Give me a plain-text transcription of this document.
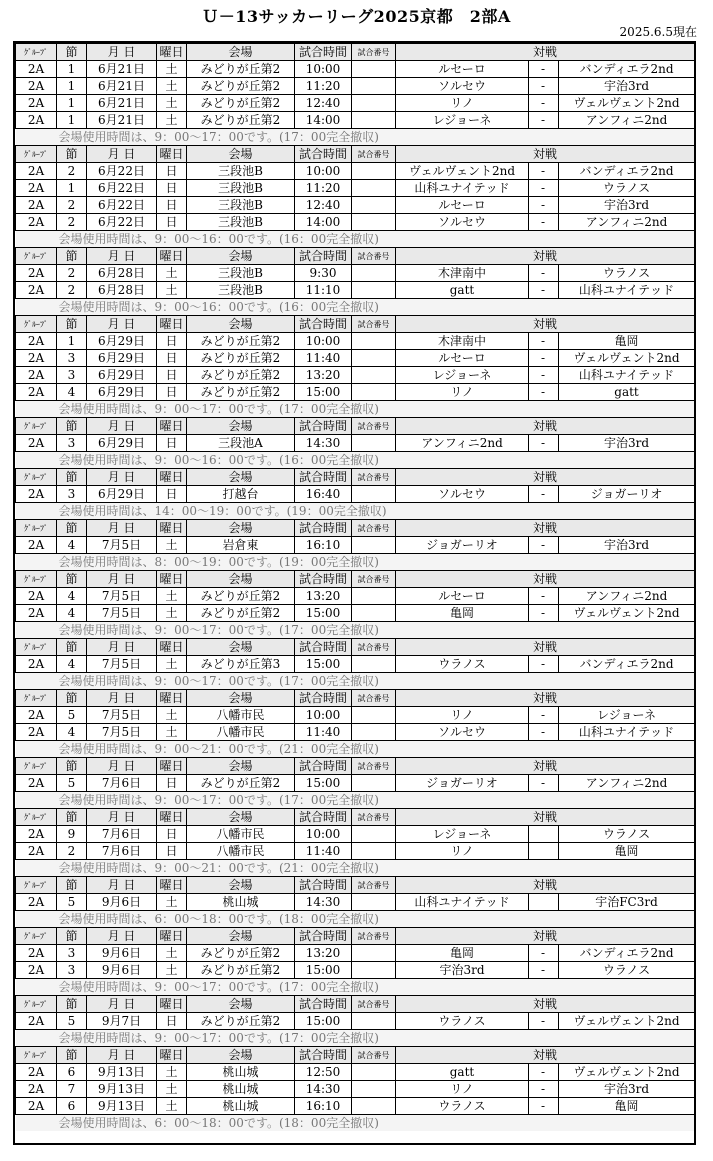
Ｕ－13サッカーリーグ2025京都　2部A
2025.6.5現在
ｸﾞﾙｰﾌﾟ	節	月 日	曜日	会場	試合時間	試合番号	対戦		
2A	1	6月21日	土	みどりが丘第2	10:00		ルセーロ	-	バンディエラ2nd
2A	1	6月21日	土	みどりが丘第2	11:20		ソルセウ	-	宇治3rd
2A	1	6月21日	土	みどりが丘第2	12:40		リノ	-	ヴェルヴェント2nd
2A	1	6月21日	土	みどりが丘第2	14:00		レジョーネ	-	アンフィニ2nd
会場使用時間は、9：00～17：00です。(17：00完全撤収)									
ｸﾞﾙｰﾌﾟ	節	月 日	曜日	会場	試合時間	試合番号	対戦		
2A	2	6月22日	日	三段池B	10:00		ヴェルヴェント2nd	-	バンディエラ2nd
2A	1	6月22日	日	三段池B	11:20		山科ユナイテッド	-	ウラノス
2A	2	6月22日	日	三段池B	12:40		ルセーロ	-	宇治3rd
2A	2	6月22日	日	三段池B	14:00		ソルセウ	-	アンフィニ2nd
会場使用時間は、9：00～16：00です。(16：00完全撤収)									
ｸﾞﾙｰﾌﾟ	節	月 日	曜日	会場	試合時間	試合番号	対戦		
2A	2	6月28日	土	三段池B	9:30		木津南中	-	ウラノス
2A	2	6月28日	土	三段池B	11:10		gatt	-	山科ユナイテッド
会場使用時間は、9：00～16：00です。(16：00完全撤収)									
ｸﾞﾙｰﾌﾟ	節	月 日	曜日	会場	試合時間	試合番号	対戦		
2A	1	6月29日	日	みどりが丘第2	10:00		木津南中	-	亀岡
2A	3	6月29日	日	みどりが丘第2	11:40		ルセーロ	-	ヴェルヴェント2nd
2A	3	6月29日	日	みどりが丘第2	13:20		レジョーネ	-	山科ユナイテッド
2A	4	6月29日	日	みどりが丘第2	15:00		リノ	-	gatt
会場使用時間は、9：00～17：00です。(17：00完全撤収)									
ｸﾞﾙｰﾌﾟ	節	月 日	曜日	会場	試合時間	試合番号	対戦		
2A	3	6月29日	日	三段池A	14:30		アンフィニ2nd	-	宇治3rd
会場使用時間は、9：00～16：00です。(16：00完全撤収)									
ｸﾞﾙｰﾌﾟ	節	月 日	曜日	会場	試合時間	試合番号	対戦		
2A	3	6月29日	日	打越台	16:40		ソルセウ	-	ジョガーリオ
会場使用時間は、14：00～19：00です。(19：00完全撤収)									
ｸﾞﾙｰﾌﾟ	節	月 日	曜日	会場	試合時間	試合番号	対戦		
2A	4	7月5日	土	岩倉東	16:10		ジョガーリオ	-	宇治3rd
会場使用時間は、8：00～19：00です。(19：00完全撤収)									
ｸﾞﾙｰﾌﾟ	節	月 日	曜日	会場	試合時間	試合番号	対戦		
2A	4	7月5日	土	みどりが丘第2	13:20		ルセーロ	-	アンフィニ2nd
2A	4	7月5日	土	みどりが丘第2	15:00		亀岡	-	ヴェルヴェント2nd
会場使用時間は、9：00～17：00です。(17：00完全撤収)									
ｸﾞﾙｰﾌﾟ	節	月 日	曜日	会場	試合時間	試合番号	対戦		
2A	4	7月5日	土	みどりが丘第3	15:00		ウラノス	-	バンディエラ2nd
会場使用時間は、9：00～17：00です。(17：00完全撤収)									
ｸﾞﾙｰﾌﾟ	節	月 日	曜日	会場	試合時間	試合番号	対戦		
2A	5	7月5日	土	八幡市民	10:00		リノ	-	レジョーネ
2A	4	7月5日	土	八幡市民	11:40		ソルセウ	-	山科ユナイテッド
会場使用時間は、9：00～21：00です。(21：00完全撤収)									
ｸﾞﾙｰﾌﾟ	節	月 日	曜日	会場	試合時間	試合番号	対戦		
2A	5	7月6日	日	みどりが丘第2	15:00		ジョガーリオ	-	アンフィニ2nd
会場使用時間は、9：00～17：00です。(17：00完全撤収)									
ｸﾞﾙｰﾌﾟ	節	月 日	曜日	会場	試合時間	試合番号	対戦		
2A	9	7月6日	日	八幡市民	10:00		レジョーネ		ウラノス
2A	2	7月6日	日	八幡市民	11:40		リノ		亀岡
会場使用時間は、9：00～21：00です。(21：00完全撤収)									
ｸﾞﾙｰﾌﾟ	節	月 日	曜日	会場	試合時間	試合番号	対戦		
2A	5	9月6日	土	桃山城	14:30		山科ユナイテッド		宇治FC3rd
会場使用時間は、6：00～18：00です。(18：00完全撤収)									
ｸﾞﾙｰﾌﾟ	節	月 日	曜日	会場	試合時間	試合番号	対戦		
2A	3	9月6日	土	みどりが丘第2	13:20		亀岡	-	バンディエラ2nd
2A	3	9月6日	土	みどりが丘第2	15:00		宇治3rd	-	ウラノス
会場使用時間は、9：00～17：00です。(17：00完全撤収)									
ｸﾞﾙｰﾌﾟ	節	月 日	曜日	会場	試合時間	試合番号	対戦		
2A	5	9月7日	日	みどりが丘第2	15:00		ウラノス	-	ヴェルヴェント2nd
会場使用時間は、9：00～17：00です。(17：00完全撤収)									
ｸﾞﾙｰﾌﾟ	節	月 日	曜日	会場	試合時間	試合番号	対戦		
2A	6	9月13日	土	桃山城	12:50		gatt	-	ヴェルヴェント2nd
2A	7	9月13日	土	桃山城	14:30		リノ	-	宇治3rd
2A	6	9月13日	土	桃山城	16:10		ウラノス	-	亀岡
会場使用時間は、6：00～18：00です。(18：00完全撤収)									
